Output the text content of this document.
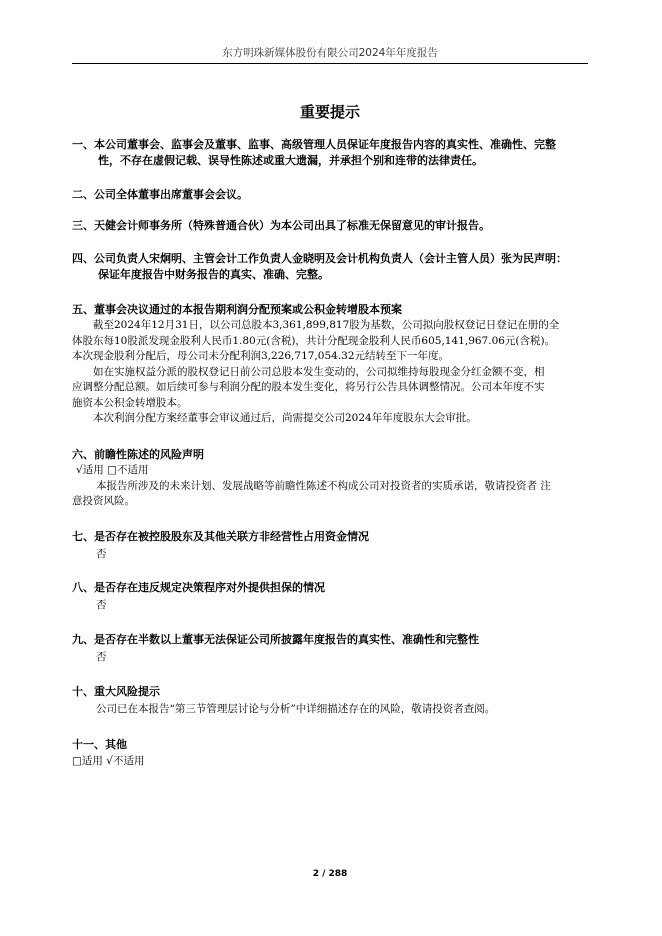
东方明珠新媒体股份有限公司2024年年度报告
重要提示
一、本公司董事会、监事会及董事、监事、高级管理人员保证年度报告内容的真实性、准确性、完整
性，不存在虚假记载、误导性陈述或重大遗漏，并承担个别和连带的法律责任。
二、公司全体董事出席董事会会议。
三、天健会计师事务所（特殊普通合伙）为本公司出具了标准无保留意见的审计报告。
四、公司负责人宋炯明、主管会计工作负责人金晓明及会计机构负责人（会计主管人员）张为民声明：
保证年度报告中财务报告的真实、准确、完整。
五、董事会决议通过的本报告期利润分配预案或公积金转增股本预案
截至2024年12月31日，以公司总股本3,361,899,817股为基数，公司拟向股权登记日登记在册的全
体股东每10股派发现金股利人民币1.80元(含税)，共计分配现金股利人民币605,141,967.06元(含税)。
本次现金股利分配后，母公司未分配利润3,226,717,054.32元结转至下一年度。
如在实施权益分派的股权登记日前公司总股本发生变动的，公司拟维持每股现金分红金额不变，相
应调整分配总额。如后续可参与利润分配的股本发生变化，将另行公告具体调整情况。公司本年度不实
施资本公积金转增股本。
本次利润分配方案经董事会审议通过后，尚需提交公司2024年年度股东大会审批。
六、前瞻性陈述的风险声明
√适用 □不适用
本报告所涉及的未来计划、发展战略等前瞻性陈述不构成公司对投资者的实质承诺，敬请投资者 注
意投资风险。
七、是否存在被控股股东及其他关联方非经营性占用资金情况
否
八、是否存在违反规定决策程序对外提供担保的情况
否
九、是否存在半数以上董事无法保证公司所披露年度报告的真实性、准确性和完整性
否
十、重大风险提示
公司已在本报告“第三节管理层讨论与分析”中详细描述存在的风险，敬请投资者查阅。
十一、其他
□适用 √不适用
2 / 288
